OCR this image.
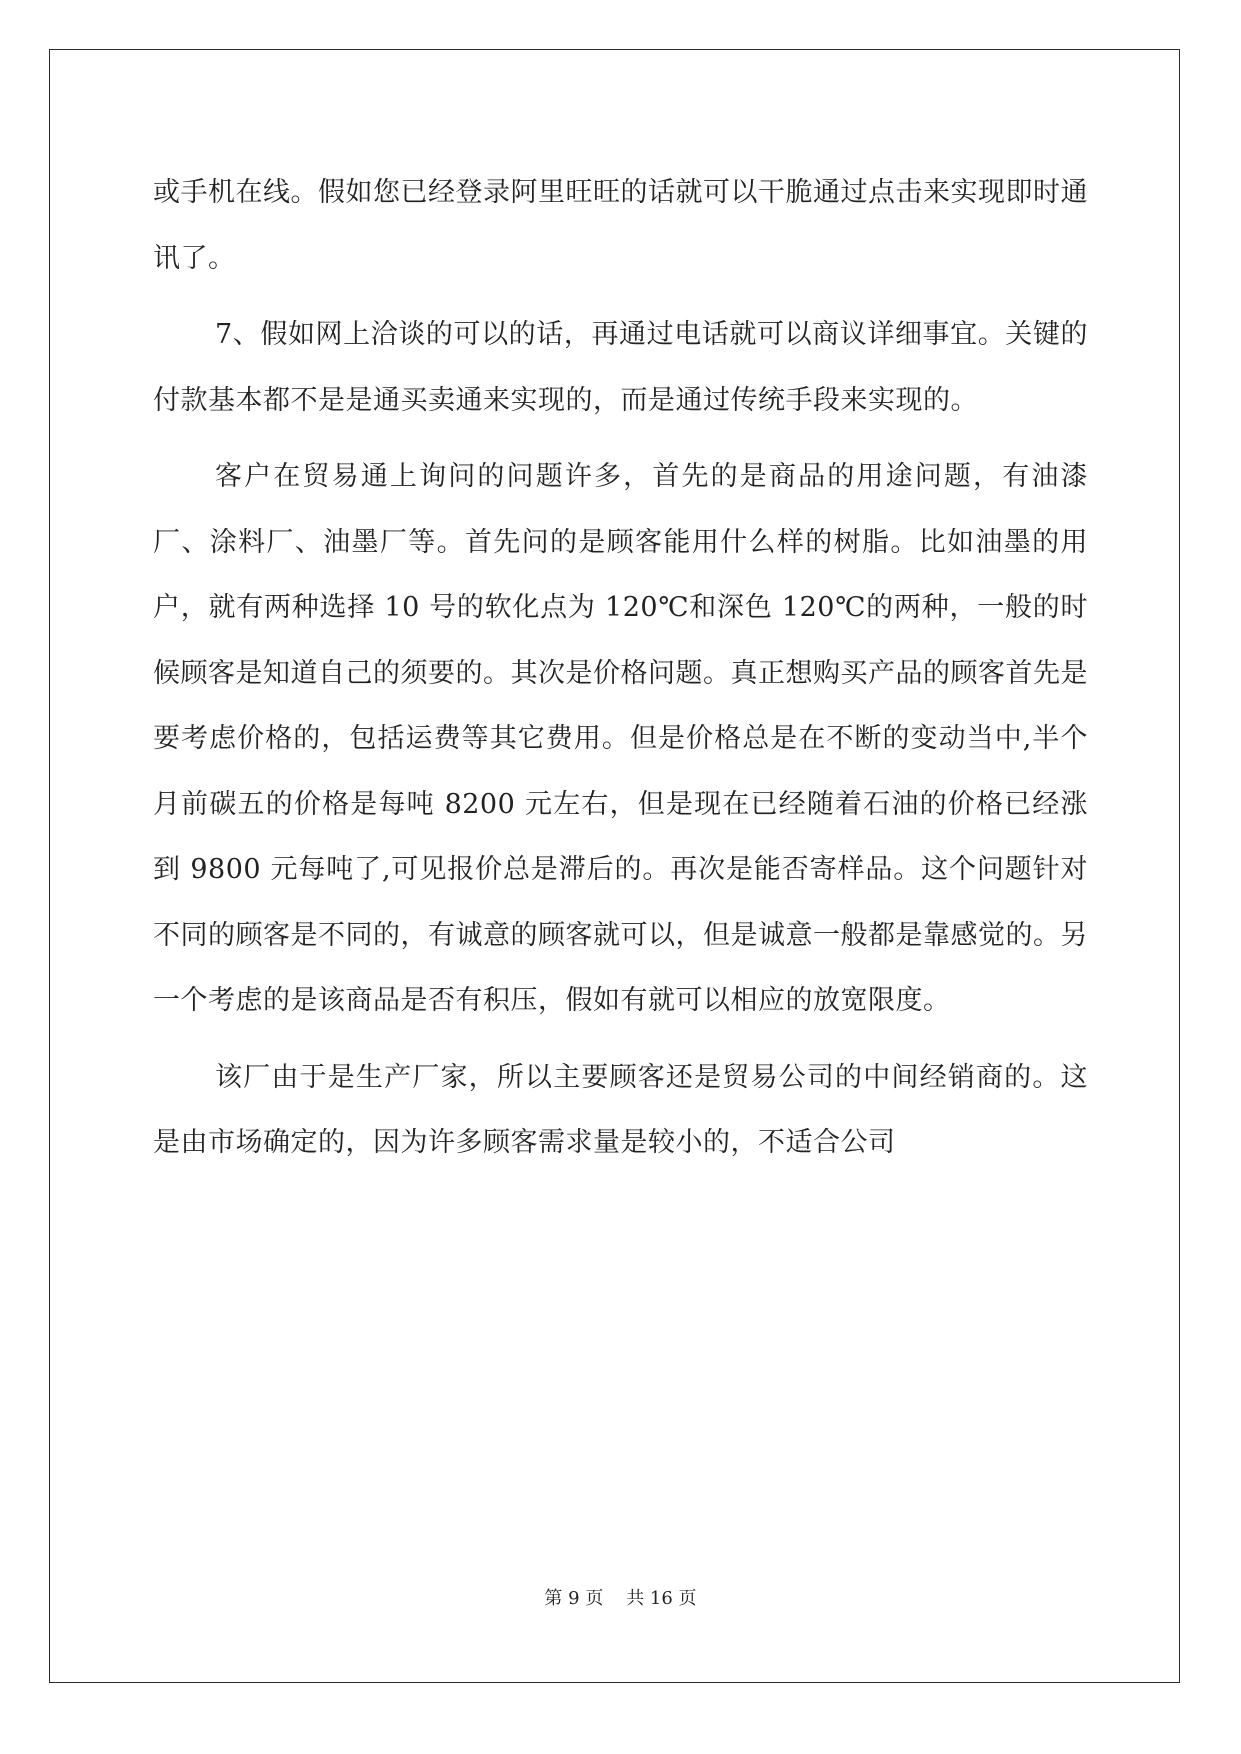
或手机在线。假如您已经登录阿里旺旺的话就可以干脆通过点击来实现即时通讯了。

7、假如网上洽谈的可以的话，再通过电话就可以商议详细事宜。关键的付款基本都不是是通买卖通来实现的，而是通过传统手段来实现的。

客户在贸易通上询问的问题许多，首先的是商品的用途问题，有油漆厂、涂料厂、油墨厂等。首先问的是顾客能用什么样的树脂。比如油墨的用户，就有两种选择 10 号的软化点为 120℃和深色 120℃的两种，一般的时候顾客是知道自己的须要的。其次是价格问题。真正想购买产品的顾客首先是要考虑价格的，包括运费等其它费用。但是价格总是在不断的变动当中,半个月前碳五的价格是每吨 8200 元左右，但是现在已经随着石油的价格已经涨到 9800 元每吨了,可见报价总是滞后的。再次是能否寄样品。这个问题针对不同的顾客是不同的，有诚意的顾客就可以，但是诚意一般都是靠感觉的。另一个考虑的是该商品是否有积压，假如有就可以相应的放宽限度。

该厂由于是生产厂家，所以主要顾客还是贸易公司的中间经销商的。这是由市场确定的，因为许多顾客需求量是较小的，不适合公司

第 9 页    共 16 页
